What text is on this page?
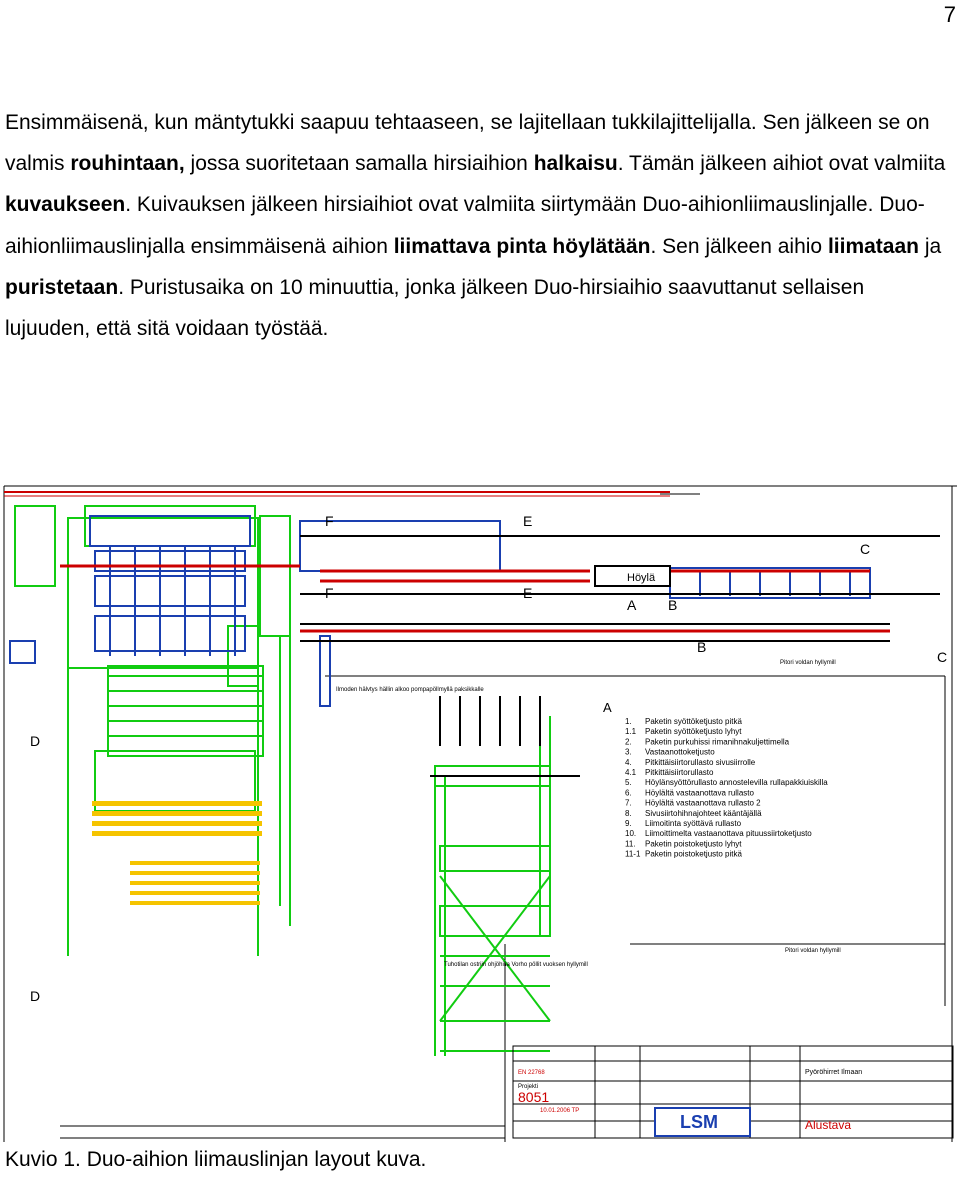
7
Ensimmäisenä, kun mäntytukki saapuu tehtaaseen, se lajitellaan tukkilajittelijalla. Sen jälkeen se on valmis rouhintaan, jossa suoritetaan samalla hirsiaihion halkaisu. Tämän jälkeen aihiot ovat valmiita kuvaukseen. Kuivauksen jälkeen hirsiaihiot ovat valmiita siirtymään Duo-aihionliimauslinjalle. Duo-aihionliimauslinjalla ensimmäisenä aihion liimattava pinta höylätään. Sen jälkeen aihio liimataan ja puristetaan. Puristusaika on 10 minuuttia, jonka jälkeen Duo-hirsiaihio saavuttanut sellaisen lujuuden, että sitä voidaan työstää.
C
E
E
F
F
A B
B
C
D
D
Höylä
Ilmoden hälvtys hällin alkoo pompapöllmyllä paksikkalle
Tuhotilan ostriin ohjöhilla Vorho pöllit vuoksen hyllymill
Pitori voldan hyllymill
Pitori voldan hyllymill
A
1. Paketin syöttöketjusto pitkä
1.1 Paketin syöttöketjusto lyhyt
2. Paketin purkuhissi rimanihnakuljettimella
3. Vastaanottoketjusto
4. Pitkittäisiirtorullasto sivusiirrolle
4.1 Pitkittäisiirtorullasto
5. Höylänsyöttörullasto annostelevilla rullapakkiuiskilla
6. Höylältä vastaanottava rullasto
7. Höylältä vastaanottava rullasto 2
8. Sivusiirtohihnajohteet kääntäjällä
9. Liimoitinta syöttävä rullasto
10. Liimoittimelta vastaanottava pituussiirtoketjusto
11. Paketin poistoketjusto lyhyt
11-1 Paketin poistoketjusto pitkä
Projekti
8051
10.01.2006 TP
EN 22768
LSM
Pyöröhirret Ilmaan
Alustava
Kuvio 1. Duo-aihion liimauslinjan layout kuva.
